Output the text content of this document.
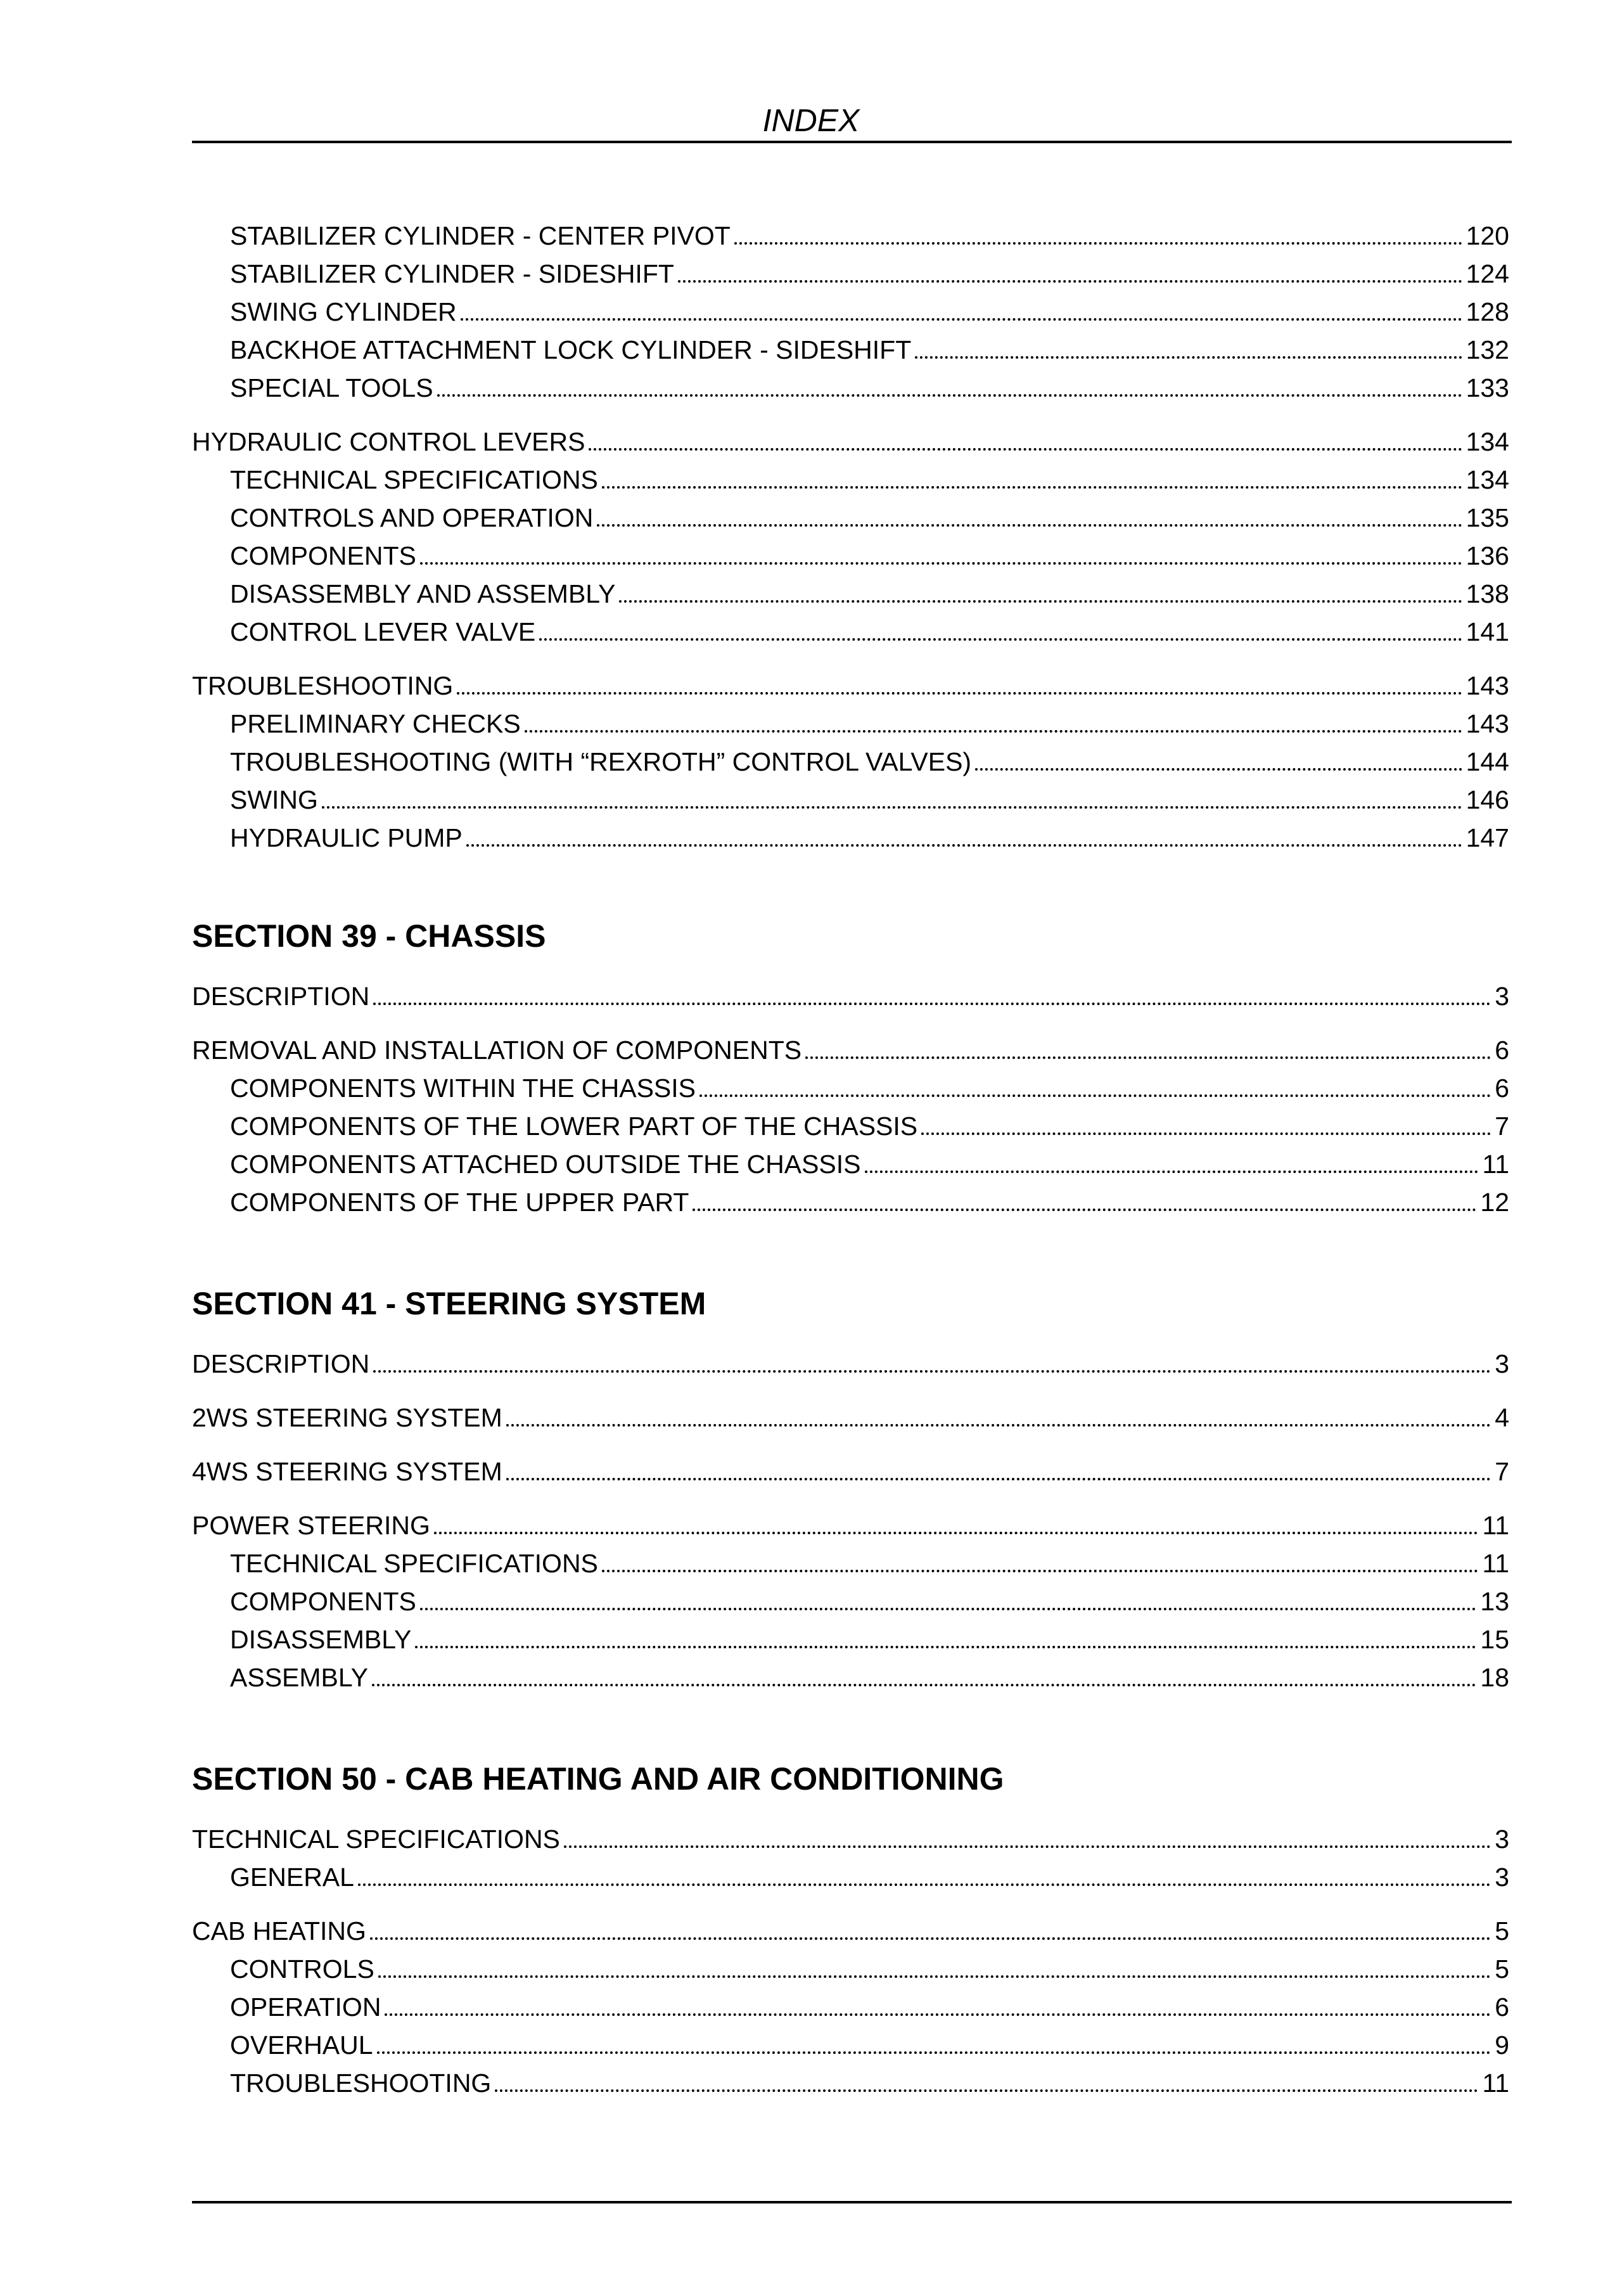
INDEX
STABILIZER CYLINDER - CENTER PIVOT	120
STABILIZER CYLINDER - SIDESHIFT	124
SWING CYLINDER	128
BACKHOE ATTACHMENT LOCK CYLINDER - SIDESHIFT	132
SPECIAL TOOLS	133
HYDRAULIC CONTROL LEVERS	134
TECHNICAL SPECIFICATIONS	134
CONTROLS AND OPERATION	135
COMPONENTS	136
DISASSEMBLY AND ASSEMBLY	138
CONTROL LEVER VALVE	141
TROUBLESHOOTING	143
PRELIMINARY CHECKS	143
TROUBLESHOOTING (WITH “REXROTH” CONTROL VALVES)	144
SWING	146
HYDRAULIC PUMP	147
SECTION 39 - CHASSIS
DESCRIPTION	3
REMOVAL AND INSTALLATION OF COMPONENTS	6
COMPONENTS WITHIN THE CHASSIS	6
COMPONENTS OF THE LOWER PART OF THE CHASSIS	7
COMPONENTS ATTACHED OUTSIDE THE CHASSIS	11
COMPONENTS OF THE UPPER PART	12
SECTION 41 - STEERING SYSTEM
DESCRIPTION	3
2WS STEERING SYSTEM	4
4WS STEERING SYSTEM	7
POWER STEERING	11
TECHNICAL SPECIFICATIONS	11
COMPONENTS	13
DISASSEMBLY	15
ASSEMBLY	18
SECTION 50 - CAB HEATING AND AIR CONDITIONING
TECHNICAL SPECIFICATIONS	3
GENERAL	3
CAB HEATING	5
CONTROLS	5
OPERATION	6
OVERHAUL	9
TROUBLESHOOTING	11
